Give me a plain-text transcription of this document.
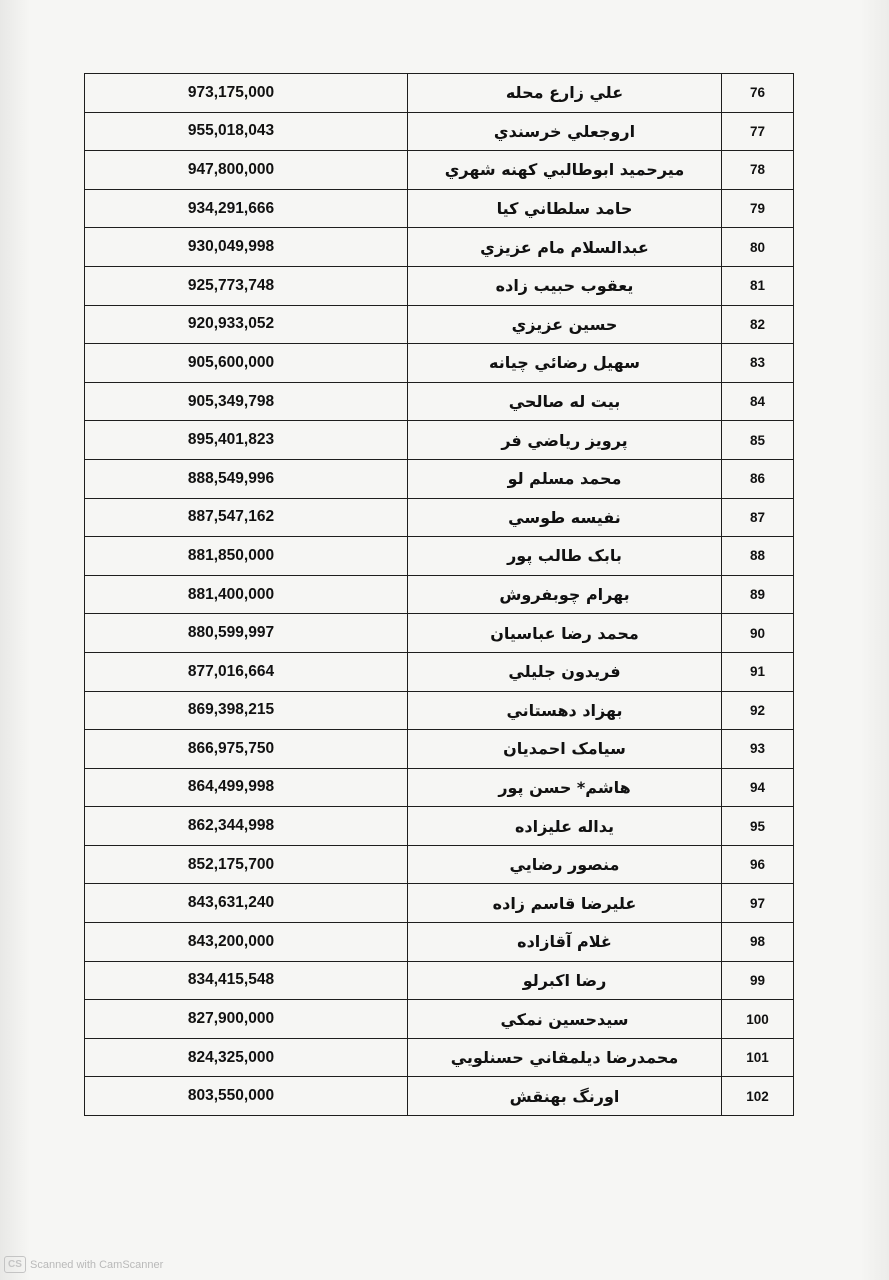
973,175,000	علي زارع محله	76
955,018,043	اروجعلي خرسندي	77
947,800,000	ميرحميد ابوطالبي كهنه شهري	78
934,291,666	حامد سلطاني كيا	79
930,049,998	عبدالسلام مام عزيزي	80
925,773,748	يعقوب حبيب زاده	81
920,933,052	حسين عزيزي	82
905,600,000	سهيل رضائي چيانه	83
905,349,798	بيت له صالحي	84
895,401,823	پرويز رياضي فر	85
888,549,996	محمد مسلم لو	86
887,547,162	نفيسه طوسي	87
881,850,000	بابک طالب پور	88
881,400,000	بهرام چوبفروش	89
880,599,997	محمد رضا عباسيان	90
877,016,664	فريدون جليلي	91
869,398,215	بهزاد دهستاني	92
866,975,750	سيامک احمديان	93
864,499,998	هاشم* حسن پور	94
862,344,998	يداله عليزاده	95
852,175,700	منصور رضايي	96
843,631,240	عليرضا قاسم زاده	97
843,200,000	غلام آقازاده	98
834,415,548	رضا اکبرلو	99
827,900,000	سيدحسين نمکي	100
824,325,000	محمدرضا ديلمقاني حسنلويي	101
803,550,000	اورنگ بهنقش	102
CS Scanned with CamScanner
